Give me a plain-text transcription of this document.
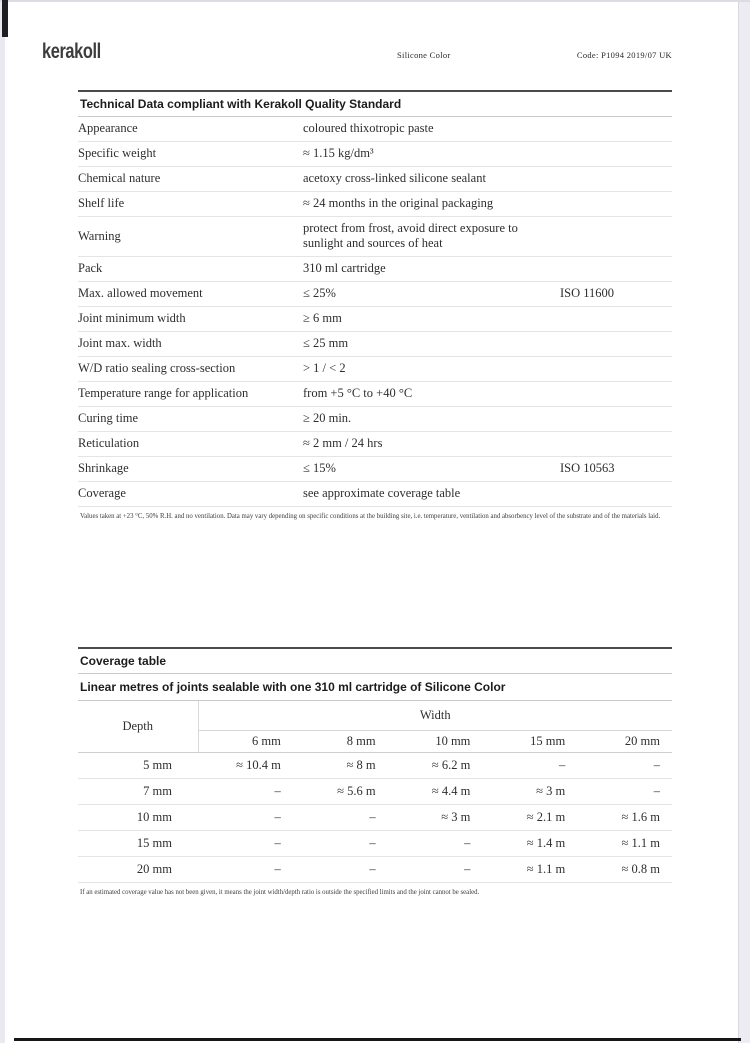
kerakoll	Silicone Color	Code: P1094 2019/07 UK
Technical Data compliant with Kerakoll Quality Standard
Appearance	coloured thixotropic paste	
Specific weight	≈ 1.15 kg/dm³	
Chemical nature	acetoxy cross-linked silicone sealant	
Shelf life	≈ 24 months in the original packaging	
Warning	protect from frost, avoid direct exposure to sunlight and sources of heat	
Pack	310 ml cartridge	
Max. allowed movement	≤ 25%	ISO 11600
Joint minimum width	≥ 6 mm	
Joint max. width	≤ 25 mm	
W/D ratio sealing cross-section	> 1 / < 2	
Temperature range for application	from +5 °C to +40 °C	
Curing time	≥ 20 min.	
Reticulation	≈ 2 mm / 24 hrs	
Shrinkage	≤ 15%	ISO 10563
Coverage	see approximate coverage table	

Values taken at +23 °C, 50% R.H. and no ventilation. Data may vary depending on specific conditions at the building site, i.e. temperature, ventilation and absorbency level of the substrate and of the materials laid.

Coverage table
Linear metres of joints sealable with one 310 ml cartridge of Silicone Color
Depth	Width				
	6 mm	8 mm	10 mm	15 mm	20 mm
5 mm	≈ 10.4 m	≈ 8 m	≈ 6.2 m	–	–
7 mm	–	≈ 5.6 m	≈ 4.4 m	≈ 3 m	–
10 mm	–	–	≈ 3 m	≈ 2.1 m	≈ 1.6 m
15 mm	–	–	–	≈ 1.4 m	≈ 1.1 m
20 mm	–	–	–	≈ 1.1 m	≈ 0.8 m

If an estimated coverage value has not been given, it means the joint width/depth ratio is outside the specified limits and the joint cannot be sealed.
